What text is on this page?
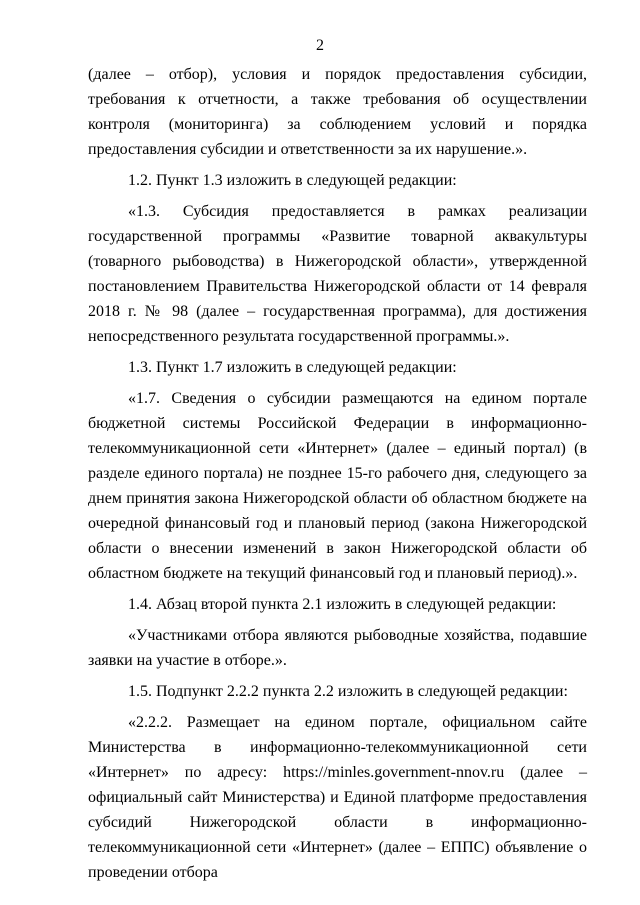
2

(далее – отбор), условия и порядок предоставления субсидии, требования к отчетности, а также требования об осуществлении контроля (мониторинга) за соблюдением условий и порядка предоставления субсидии и ответственности за их нарушение.».

1.2. Пункт 1.3 изложить в следующей редакции:

«1.3. Субсидия предоставляется в рамках реализации государственной программы «Развитие товарной аквакультуры (товарного рыбоводства) в Нижегородской области», утвержденной постановлением Правительства Нижегородской области от 14 февраля 2018 г. № 98 (далее – государственная программа), для достижения непосредственного результата государственной программы.».

1.3. Пункт 1.7 изложить в следующей редакции:

«1.7. Сведения о субсидии размещаются на едином портале бюджетной системы Российской Федерации в информационно-телекоммуникационной сети «Интернет» (далее – единый портал) (в разделе единого портала) не позднее 15-го рабочего дня, следующего за днем принятия закона Нижегородской области об областном бюджете на очередной финансовый год и плановый период (закона Нижегородской области о внесении изменений в закон Нижегородской области об областном бюджете на текущий финансовый год и плановый период).».

1.4. Абзац второй пункта 2.1 изложить в следующей редакции:

«Участниками отбора являются рыбоводные хозяйства, подавшие заявки на участие в отборе.».

1.5. Подпункт 2.2.2 пункта 2.2 изложить в следующей редакции:

«2.2.2. Размещает на едином портале, официальном сайте Министерства в информационно-телекоммуникационной сети «Интернет» по адресу: https://minles.government-nnov.ru (далее – официальный сайт Министерства) и Единой платформе предоставления субсидий Нижегородской области в информационно-телекоммуникационной сети «Интернет» (далее – ЕППС) объявление о проведении отбора
